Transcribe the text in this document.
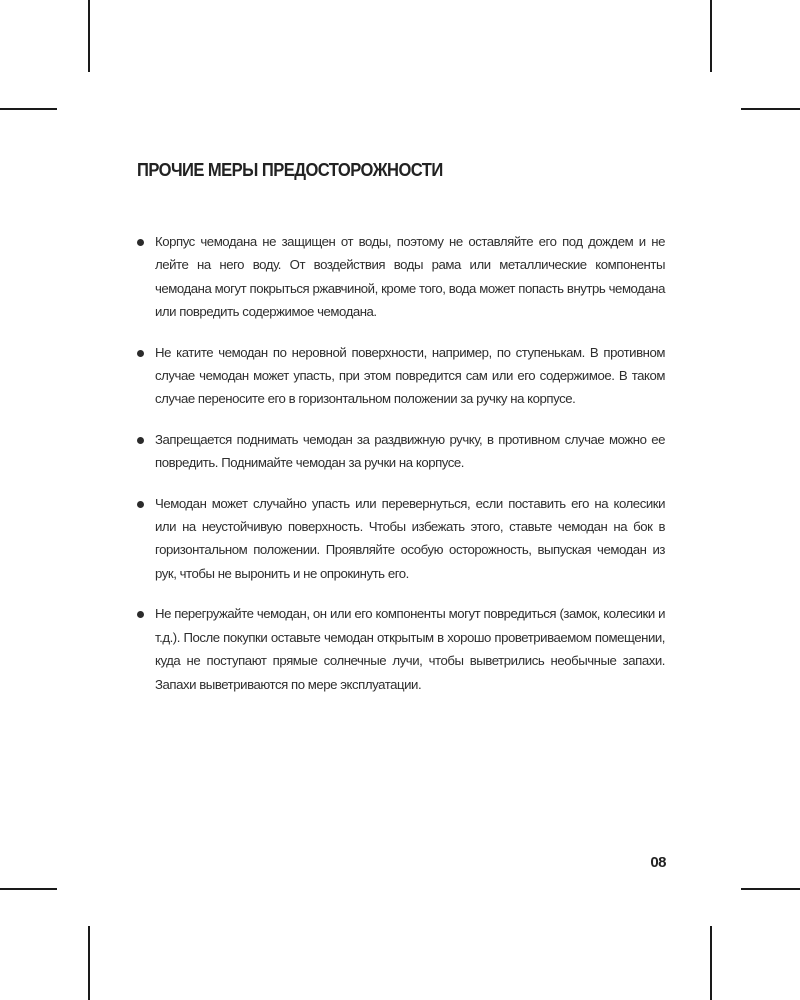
ПРОЧИЕ МЕРЫ ПРЕДОСТОРОЖНОСТИ
Корпус чемодана не защищен от воды, поэтому не оставляйте его под дождем и не лейте на него воду. От воздействия воды рама или металлические компоненты чемодана могут покрыться ржавчиной, кроме того, вода может попасть внутрь чемодана или повредить содержимое чемодана.
Не катите чемодан по неровной поверхности, например, по ступенькам. В противном случае чемодан может упасть, при этом повредится сам или его содержимое. В таком случае переносите его в горизонтальном положении за ручку на корпусе.
Запрещается поднимать чемодан за раздвижную ручку, в противном случае можно ее повредить. Поднимайте чемодан за ручки на корпусе.
Чемодан может случайно упасть или перевернуться, если поставить его на колесики или на неустойчивую поверхность. Чтобы избежать этого, ставьте чемодан на бок в горизонтальном положении. Проявляйте особую осторожность, выпуская чемодан из рук, чтобы не выронить и не опрокинуть его.
Не перегружайте чемодан, он или его компоненты могут повредиться (замок, колесики и т.д.). После покупки оставьте чемодан открытым в хорошо проветриваемом помещении, куда не поступают прямые солнечные лучи, чтобы выветрились необычные запахи. Запахи выветриваются по мере эксплуатации.
08
